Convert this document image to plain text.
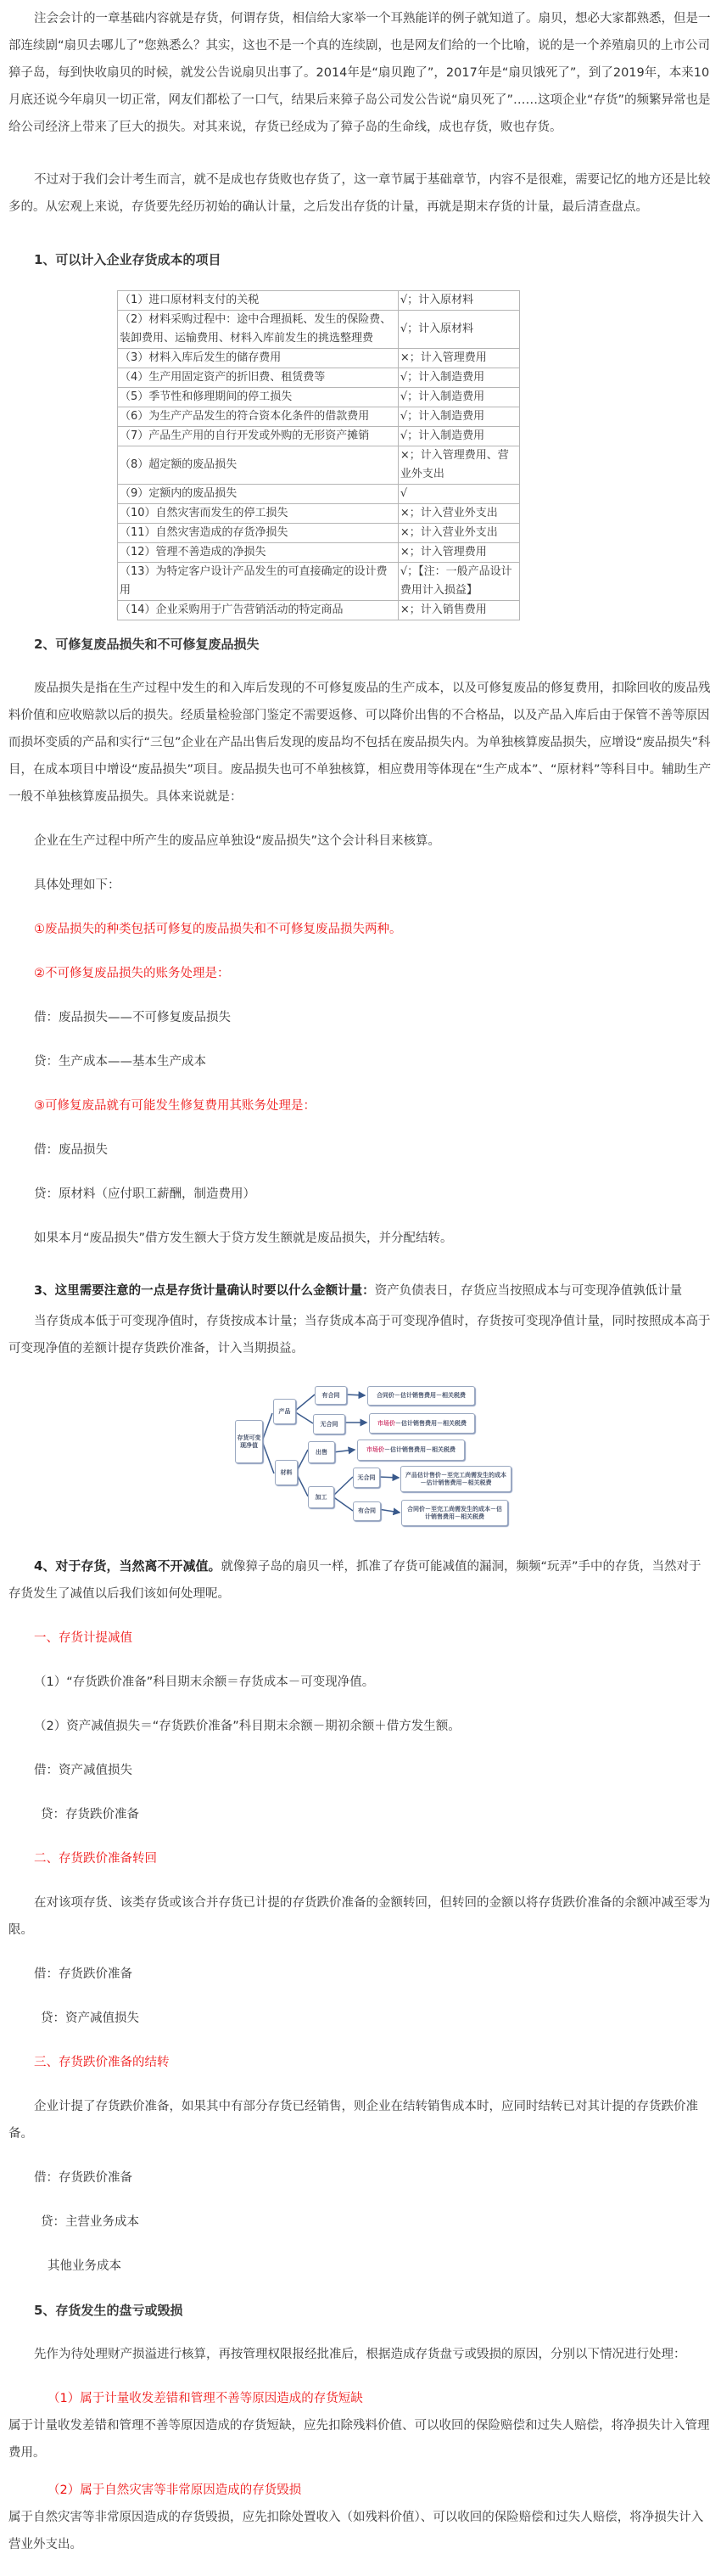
注会会计的一章基础内容就是存货，何谓存货，相信给大家举一个耳熟能详的例子就知道了。扇贝，想必大家都熟悉，但是一部连续剧“扇贝去哪儿了”您熟悉么？其实，这也不是一个真的连续剧，也是网友们给的一个比喻，说的是一个养殖扇贝的上市公司獐子岛，每到快收扇贝的时候，就发公告说扇贝出事了。2014年是“扇贝跑了”，2017年是“扇贝饿死了”，到了2019年，本来10月底还说今年扇贝一切正常，网友们都松了一口气，结果后来獐子岛公司发公告说“扇贝死了”……这项企业“存货”的频繁异常也是给公司经济上带来了巨大的损失。对其来说，存货已经成为了獐子岛的生命线，成也存货，败也存货。

不过对于我们会计考生而言，就不是成也存货败也存货了，这一章节属于基础章节，内容不是很难，需要记忆的地方还是比较多的。从宏观上来说，存货要先经历初始的确认计量，之后发出存货的计量，再就是期末存货的计量，最后清查盘点。

1、可以计入企业存货成本的项目

（1）进口原材料支付的关税	√；计入原材料
（2）材料采购过程中：途中合理损耗、发生的保险费、装卸费用、运输费用、材料入库前发生的挑选整理费	√；计入原材料
（3）材料入库后发生的储存费用	×；计入管理费用
（4）生产用固定资产的折旧费、租赁费等	√；计入制造费用
（5）季节性和修理期间的停工损失	√；计入制造费用
（6）为生产产品发生的符合资本化条件的借款费用	√；计入制造费用
（7）产品生产用的自行开发或外购的无形资产摊销	√；计入制造费用
（8）超定额的废品损失	×；计入管理费用、营业外支出
（9）定额内的废品损失	√
（10）自然灾害而发生的停工损失	×；计入营业外支出
（11）自然灾害造成的存货净损失	×；计入营业外支出
（12）管理不善造成的净损失	×；计入管理费用
（13）为特定客户设计产品发生的可直接确定的设计费用	√；【注：一般产品设计费用计入损益】
（14）企业采购用于广告营销活动的特定商品	×；计入销售费用

2、可修复废品损失和不可修复废品损失

废品损失是指在生产过程中发生的和入库后发现的不可修复废品的生产成本，以及可修复废品的修复费用，扣除回收的废品残料价值和应收赔款以后的损失。经质量检验部门鉴定不需要返修、可以降价出售的不合格品，以及产品入库后由于保管不善等原因而损坏变质的产品和实行“三包”企业在产品出售后发现的废品均不包括在废品损失内。为单独核算废品损失，应增设“废品损失”科目，在成本项目中增设“废品损失”项目。废品损失也可不单独核算，相应费用等体现在“生产成本”、“原材料”等科目中。辅助生产一般不单独核算废品损失。具体来说就是：

企业在生产过程中所产生的废品应单独设“废品损失”这个会计科目来核算。

具体处理如下：

①废品损失的种类包括可修复的废品损失和不可修复废品损失两种。

②不可修复废品损失的账务处理是：

借：废品损失——不可修复废品损失

贷：生产成本——基本生产成本

③可修复废品就有可能发生修复费用其账务处理是：

借：废品损失

贷：原材料（应付职工薪酬，制造费用）

如果本月“废品损失”借方发生额大于贷方发生额就是废品损失，并分配结转。

3、这里需要注意的一点是存货计量确认时要以什么金额计量：资产负债表日，存货应当按照成本与可变现净值孰低计量

当存货成本低于可变现净值时，存货按成本计量；当存货成本高于可变现净值时，存货按可变现净值计量，同时按照成本高于可变现净值的差额计提存货跌价准备，计入当期损益。

存货可变现净值
产品
材料
有合同
无合同
出售
加工
无合同
有合同
合同价－估计销售费用－相关税费
市场价 －估计销售费用－相关税费
市场价 －估计销售费用－相关税费
产品估计售价－至完工尚需发生的成本－估计销售费用－相关税费
合同价－至完工尚需发生的成本－估计销售费用－相关税费

4、对于存货，当然离不开减值。就像獐子岛的扇贝一样，抓准了存货可能减值的漏洞，频频“玩弄”手中的存货，当然对于存货发生了减值以后我们该如何处理呢。

一、存货计提减值

（1）“存货跌价准备”科目期末余额＝存货成本－可变现净值。

（2）资产减值损失＝“存货跌价准备”科目期末余额－期初余额＋借方发生额。

借：资产减值损失

贷：存货跌价准备

二、存货跌价准备转回

在对该项存货、该类存货或该合并存货已计提的存货跌价准备的金额转回，但转回的金额以将存货跌价准备的余额冲减至零为限。

借：存货跌价准备

贷：资产减值损失

三、存货跌价准备的结转

企业计提了存货跌价准备，如果其中有部分存货已经销售，则企业在结转销售成本时，应同时结转已对其计提的存货跌价准备。

借：存货跌价准备

贷：主营业务成本

其他业务成本

5、存货发生的盘亏或毁损

先作为待处理财产损溢进行核算，再按管理权限报经批准后，根据造成存货盘亏或毁损的原因，分别以下情况进行处理：

（1）属于计量收发差错和管理不善等原因造成的存货短缺

属于计量收发差错和管理不善等原因造成的存货短缺，应先扣除残料价值、可以收回的保险赔偿和过失人赔偿，将净损失计入管理费用。

（2）属于自然灾害等非常原因造成的存货毁损

属于自然灾害等非常原因造成的存货毁损，应先扣除处置收入（如残料价值）、可以收回的保险赔偿和过失人赔偿，将净损失计入营业外支出。
